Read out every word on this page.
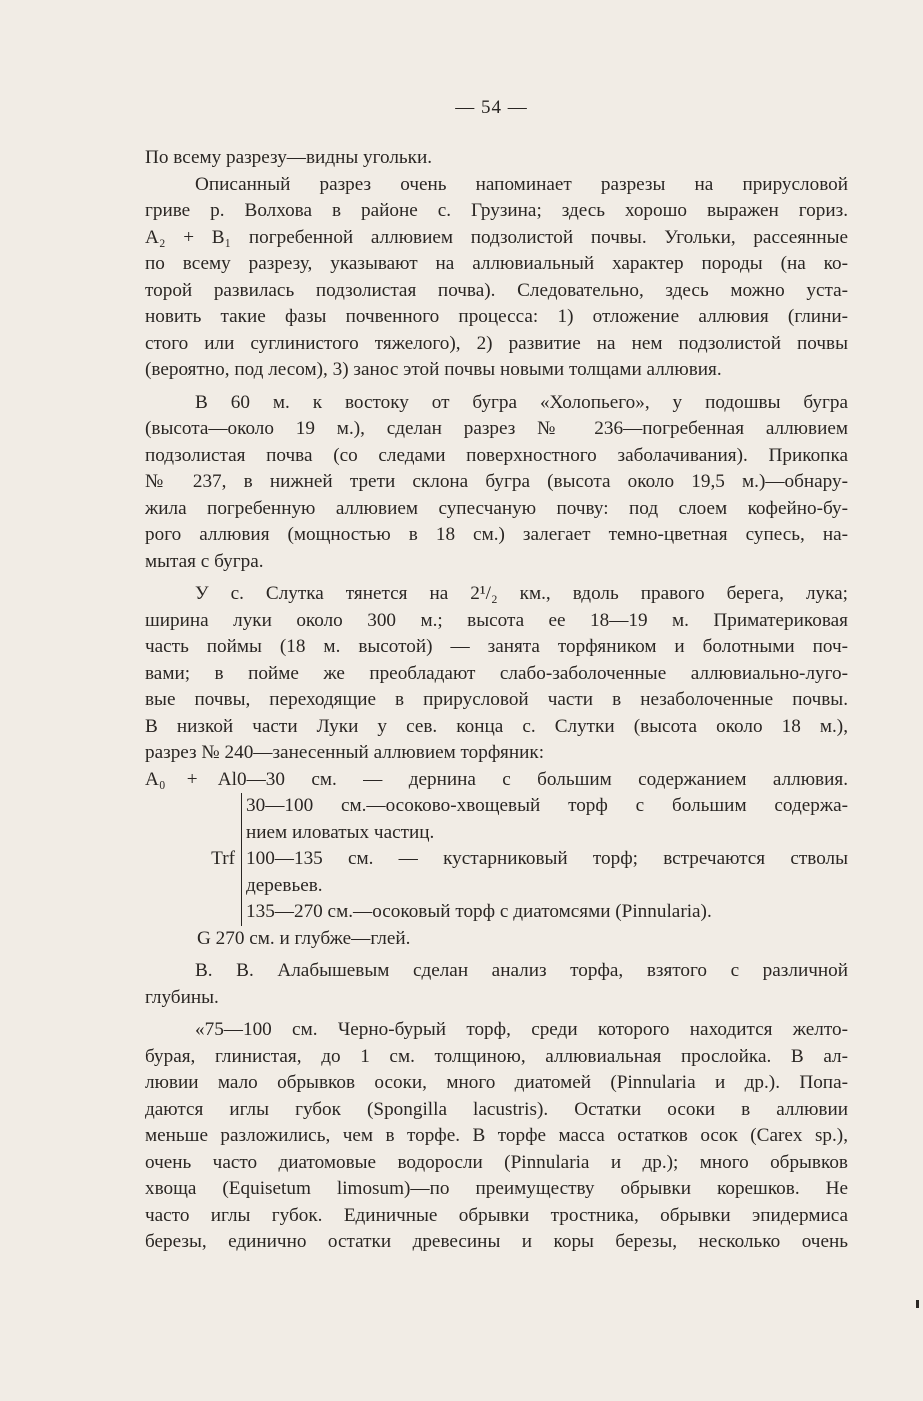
— 54 —
По всему разрезу—видны угольки.
Описанный разрез очень напоминает разрезы на прирусловой
гриве р. Волхова в районе с. Грузина; здесь хорошо выражен гориз.
A₂ + B₁ погребенной аллювием подзолистой почвы. Угольки, рассеянные
по всему разрезу, указывают на аллювиальный характер породы (на ко-
торой развилась подзолистая почва). Следовательно, здесь можно уста-
новить такие фазы почвенного процесса: 1) отложение аллювия (глини-
стого или суглинистого тяжелого), 2) развитие на нем подзолистой почвы
(вероятно, под лесом), 3) занос этой почвы новыми толщами аллювия.
В 60 м. к востоку от бугра «Холопьего», у подошвы бугра
(высота—около 19 м.), сделан разрез № 236—погребенная аллювием
подзолистая почва (со следами поверхностного заболачивания). Прикопка
№ 237, в нижней трети склона бугра (высота около 19,5 м.)—обнару-
жила погребенную аллювием супесчаную почву: под слоем кофейно-бу-
рого аллювия (мощностью в 18 см.) залегает темно-цветная супесь, на-
мытая с бугра.
У с. Слутка тянется на 2¹/₂ км., вдоль правого берега, лука;
ширина луки около 300 м.; высота ее 18—19 м. Приматериковая
часть поймы (18 м. высотой) — занята торфяником и болотными поч-
вами; в пойме же преобладают слабо-заболоченные аллювиально-луго-
вые почвы, переходящие в прирусловой части в незаболоченные почвы.
В низкой части Луки у сев. конца с. Слутки (высота около 18 м.),
разрез № 240—занесенный аллювием торфяник:
A₀ + Al 0—30 см. — дернина с большим содержанием аллювия.
Trf
30—100 см.—осоково-хвощевый торф с большим содержа-
нием иловатых частиц.
100—135 см. — кустарниковый торф; встречаются стволы
деревьев.
135—270 см.—осоковый торф с диатомсями (Pinnularia).
G 270 см. и глубже—глей.
В. В. Алабышевым сделан анализ торфа, взятого с различной
глубины.
«75—100 см. Черно-бурый торф, среди которого находится желто-
бурая, глинистая, до 1 см. толщиною, аллювиальная прослойка. В ал-
лювии мало обрывков осоки, много диатомей (Pinnularia и др.). Попа-
даются иглы губок (Spongilla lacustris). Остатки осоки в аллювии
меньше разложились, чем в торфе. В торфе масса остатков осок (Carex sp.),
очень часто диатомовые водоросли (Pinnularia и др.); много обрывков
хвоща (Equisetum limosum)—по преимуществу обрывки корешков. Не
часто иглы губок. Единичные обрывки тростника, обрывки эпидермиса
березы, единично остатки древесины и коры березы, несколько очень
